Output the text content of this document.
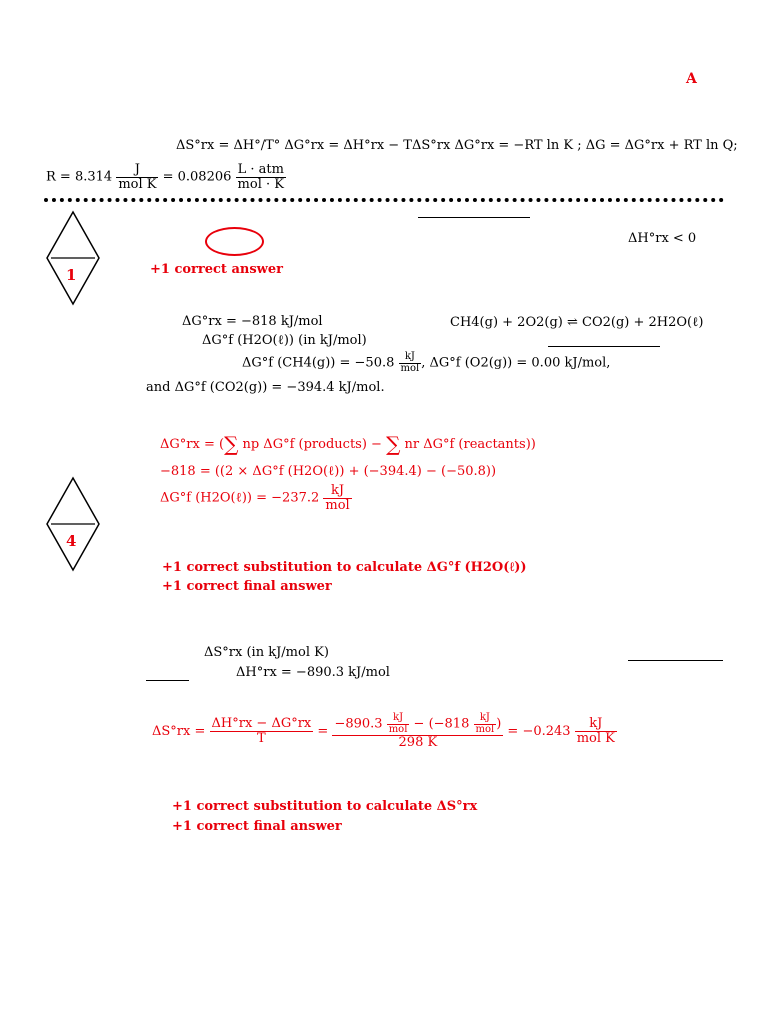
A
ΔS°rx = ΔH°/T° ΔG°rx = ΔH°rx − TΔS°rx ΔG°rx = −RT ln K ; ΔG = ΔG°rx + RT ln Q;
$R = 8.314 \frac{J}{\text{mol K}} = 0.08206 \frac{\text{L · atm}}{\text{mol · K}}$
1	+1 correct answer
ΔH°rx < 0
ΔG°rx = −818 kJ/mol	CH4(g) + 2O2(g) ⇌ CO2(g) + 2H2O(ℓ)
ΔG°f (H2O(ℓ)) (in kJ/mol)
ΔG°f $(CH4(g)) = -50.8 \frac{kJ}{\text{mol}}$ , ΔG°f (O2(g)) = 0.00 kJ/mol,
and ΔG°f (CO2(g)) = −394.4 kJ/mol.
ΔG°rx = (∑ np ΔG°f (products) − ∑ nr ΔG°f (reactants))
−818 = ((2 × ΔG°f (H2O(ℓ)) + (−394.4) − (−50.8))
ΔG°f (H2O(ℓ)) = $-237.2 \frac{kJ}{\text{mol}}$
4
+1 correct substitution to calculate ΔG°f (H2O(ℓ))
+1 correct final answer
ΔS°rx (in kJ/mol K)
ΔH°rx = −890.3 kJ/mol
$\Delta S^\circ rx = \frac{\Delta H^\circ rx - \Delta G^\circ rx}{T} = \frac{-890.3 \frac{kJ}{\text{mol}} - (-818 \frac{kJ}{\text{mol}} )}{298 K} = -0.243 \frac{kJ}{\text{mol K}}$
+1 correct substitution to calculate ΔS°rx
+1 correct final answer
